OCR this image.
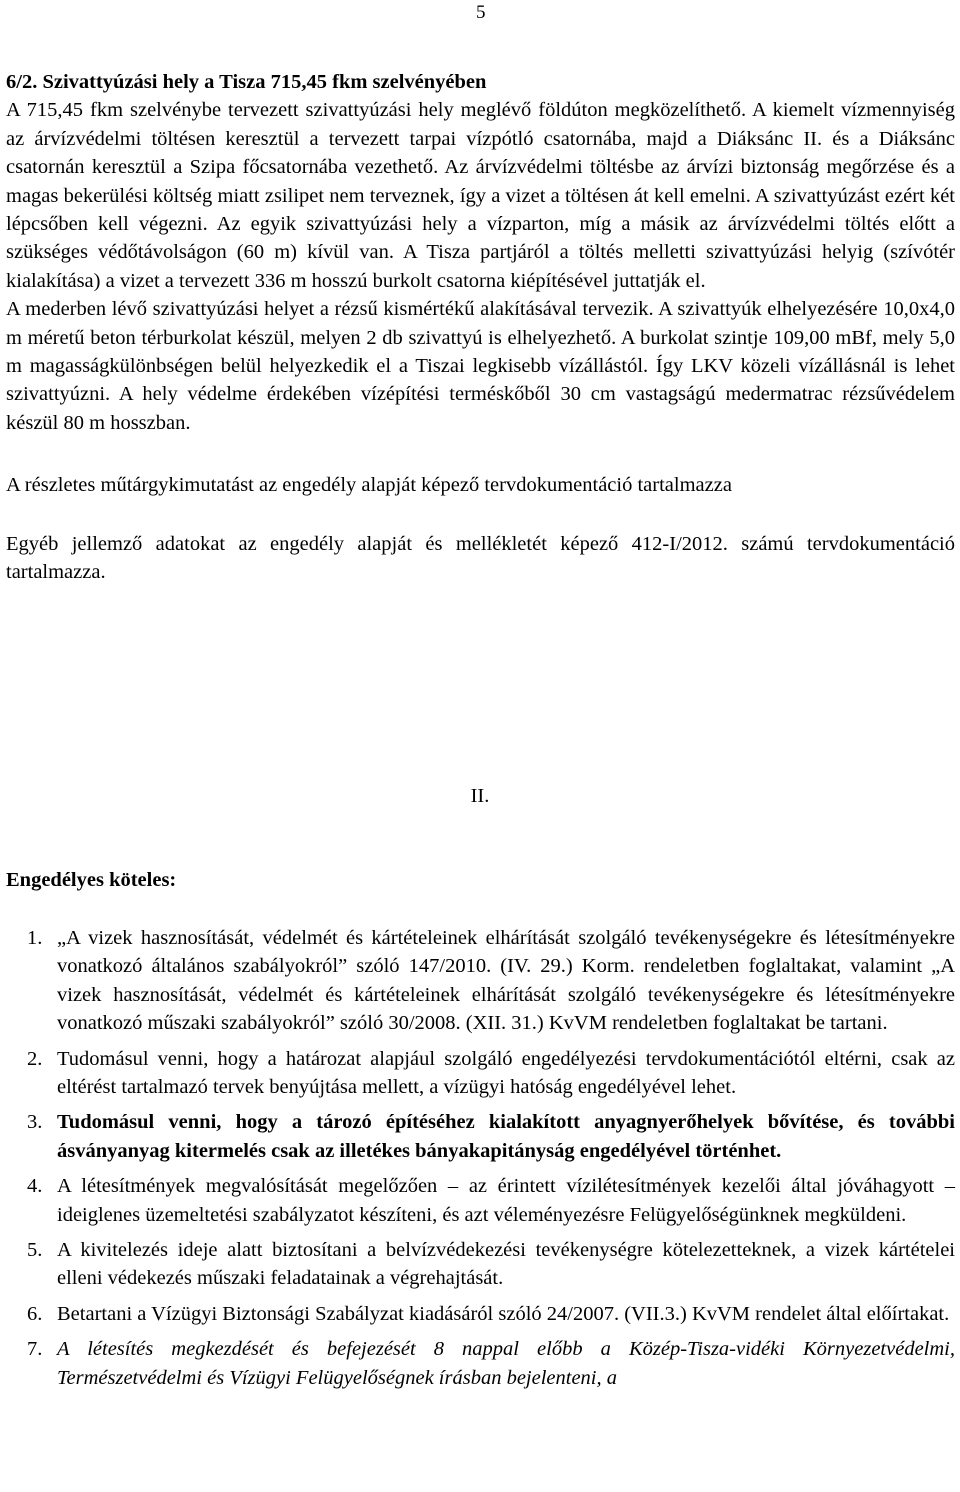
5

6/2. Szivattyúzási hely a Tisza 715,45 fkm szelvényében

A 715,45 fkm szelvénybe tervezett szivattyúzási hely meglévő földúton megközelíthető. A kiemelt vízmennyiség az árvízvédelmi töltésen keresztül a tervezett tarpai vízpótló csatornába, majd a Diáksánc II. és a Diáksánc csatornán keresztül a Szipa főcsatornába vezethető. Az árvízvédelmi töltésbe az árvízi biztonság megőrzése és a magas bekerülési költség miatt zsilipet nem terveznek, így a vizet a töltésen át kell emelni. A szivattyúzást ezért két lépcsőben kell végezni. Az egyik szivattyúzási hely a vízparton, míg a másik az árvízvédelmi töltés előtt a szükséges védőtávolságon (60 m) kívül van. A Tisza partjáról a töltés melletti szivattyúzási helyig (szívótér kialakítása) a vizet a tervezett 336 m hosszú burkolt csatorna kiépítésével juttatják el.

A mederben lévő szivattyúzási helyet a rézsű kismértékű alakításával tervezik. A szivattyúk elhelyezésére 10,0x4,0 m méretű beton térburkolat készül, melyen 2 db szivattyú is elhelyezhető. A burkolat szintje 109,00 mBf, mely 5,0 m magasságkülönbségen belül helyezkedik el a Tiszai legkisebb vízállástól. Így LKV közeli vízállásnál is lehet szivattyúzni. A hely védelme érdekében vízépítési terméskőből 30 cm vastagságú medermatrac rézsűvédelem készül 80 m hosszban.

A részletes műtárgykimutatást az engedély alapját képező tervdokumentáció tartalmazza

Egyéb jellemző adatokat az engedély alapját és mellékletét képező 412-I/2012. számú tervdokumentáció tartalmazza.

II.
Engedélyes köteles:
1. „A vizek hasznosítását, védelmét és kártételeinek elhárítását szolgáló tevékenységekre és létesítményekre vonatkozó általános szabályokról” szóló 147/2010. (IV. 29.) Korm. rendeletben foglaltakat, valamint „A vizek hasznosítását, védelmét és kártételeinek elhárítását szolgáló tevékenységekre és létesítményekre vonatkozó műszaki szabályokról” szóló 30/2008. (XII. 31.) KvVM rendeletben foglaltakat be tartani.
2. Tudomásul venni, hogy a határozat alapjául szolgáló engedélyezési tervdokumentációtól eltérni, csak az eltérést tartalmazó tervek benyújtása mellett, a vízügyi hatóság engedélyével lehet.
3. Tudomásul venni, hogy a tározó építéséhez kialakított anyagnyerőhelyek bővítése, és további ásványanyag kitermelés csak az illetékes bányakapitányság engedélyével történhet.
4. A létesítmények megvalósítását megelőzően – az érintett vízilétesítmények kezelői által jóváhagyott – ideiglenes üzemeltetési szabályzatot készíteni, és azt véleményezésre Felügyelőségünknek megküldeni.
5. A kivitelezés ideje alatt biztosítani a belvízvédekezési tevékenységre kötelezetteknek, a vizek kártételei elleni védekezés műszaki feladatainak a végrehajtását.
6. Betartani a Vízügyi Biztonsági Szabályzat kiadásáról szóló 24/2007. (VII.3.) KvVM rendelet által előírtakat.
7. A létesítés megkezdését és befejezését 8 nappal előbb a Közép-Tisza-vidéki Környezetvédelmi, Természetvédelmi és Vízügyi Felügyelőségnek írásban bejelenteni, a
